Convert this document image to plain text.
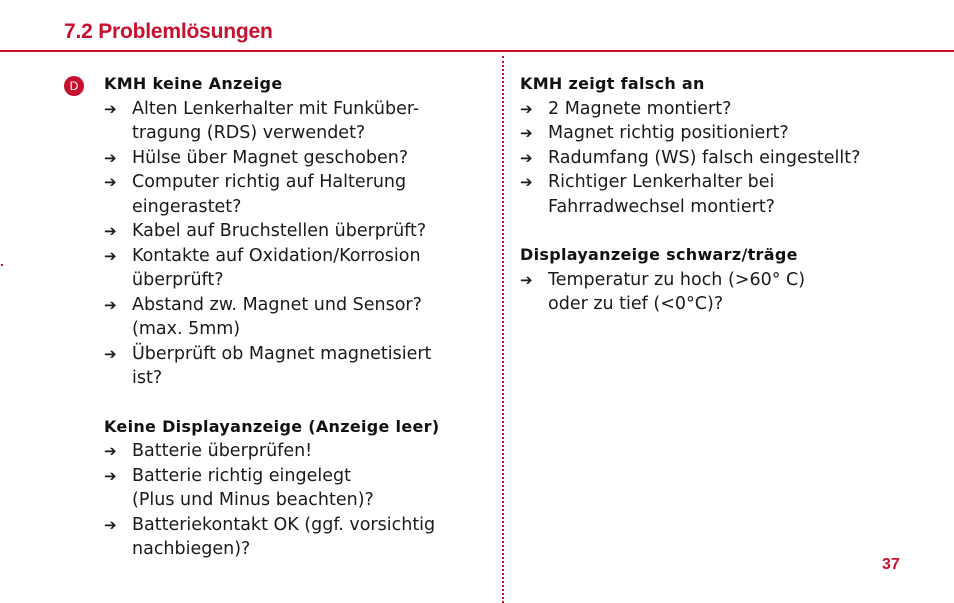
7.2 Problemlösungen
D	KMH keine Anzeige
➔ Alten Lenkerhalter mit Funküber-
tragung (RDS) verwendet?
➔ Hülse über Magnet geschoben?
➔ Computer richtig auf Halterung
eingerastet?
➔ Kabel auf Bruchstellen überprüft?
➔ Kontakte auf Oxidation/Korrosion
überprüft?
➔ Abstand zw. Magnet und Sensor?
(max. 5mm)
➔ Überprüft ob Magnet magnetisiert
ist?
Keine Displayanzeige (Anzeige leer)
➔ Batterie überprüfen!
➔ Batterie richtig eingelegt
(Plus und Minus beachten)?
➔ Batteriekontakt OK (ggf. vorsichtig
nachbiegen)?
KMH zeigt falsch an
➔ 2 Magnete montiert?
➔ Magnet richtig positioniert?
➔ Radumfang (WS) falsch eingestellt?
➔ Richtiger Lenkerhalter bei
Fahrradwechsel montiert?
Displayanzeige schwarz/träge
➔ Temperatur zu hoch (>60° C)
oder zu tief (<0°C)?
37
